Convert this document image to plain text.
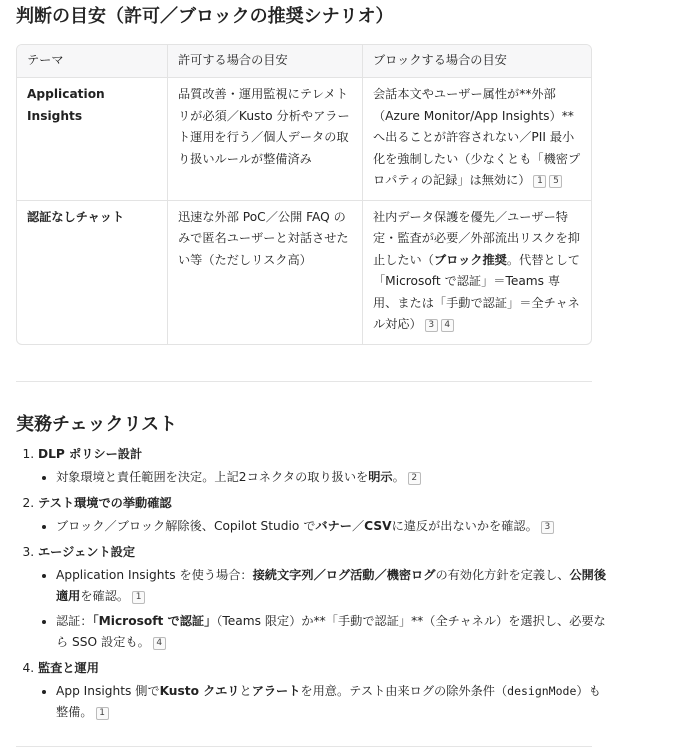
判断の目安（許可／ブロックの推奨シナリオ）
テーマ	許可する場合の目安	ブロックする場合の目安
Application Insights	品質改善・運用監視にテレメトリが必須／Kusto 分析やアラート運用を行う／個人データの取り扱いルールが整備済み	会話本文やユーザー属性が**外部（Azure Monitor/App Insights）**へ出ることが許容されない／PII 最小化を強制したい（少なくとも「機密プロパティの記録」は無効に） 1 5
認証なしチャット	迅速な外部 PoC／公開 FAQ のみで匿名ユーザーと対話させたい等（ただしリスク高）	社内データ保護を優先／ユーザー特定・監査が必要／外部流出リスクを抑止したい（ブロック推奨。代替として「Microsoft で認証」＝Teams 専用、または「手動で認証」＝全チャネル対応） 3 4
実務チェックリスト
1. DLP ポリシー設計
• 対象環境と責任範囲を決定。上記2コネクタの取り扱いを明示。 2
2. テスト環境での挙動確認
• ブロック／ブロック解除後、Copilot Studio でバナー／CSVに違反が出ないかを確認。 3
3. エージェント設定
• Application Insights を使う場合：接続文字列／ログ活動／機密ログの有効化方針を定義し、公開後適用を確認。 1
• 認証：「Microsoft で認証」（Teams 限定）か**「手動で認証」**（全チャネル）を選択し、必要なら SSO 設定も。 4
4. 監査と運用
• App Insights 側でKusto クエリとアラートを用意。テスト由来ログの除外条件（designMode）も整備。 1
